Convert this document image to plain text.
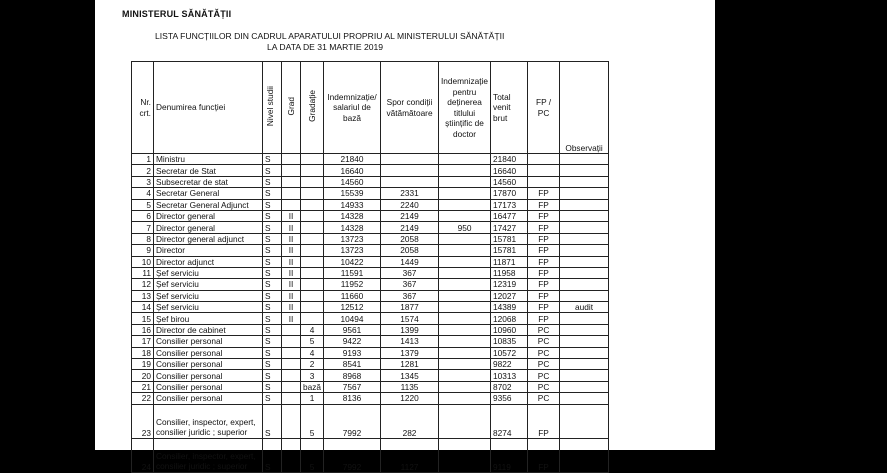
MINISTERUL SĂNĂTĂȚII
LISTA FUNCȚIILOR DIN CADRUL APARATULUI PROPRIU AL MINISTERULUI SĂNĂTĂȚII
LA DATA DE 31 MARTIE 2019
Nr. crt.	Denumirea funcției	Nivel studii	Grad	Gradație	Indemnizație/ salariul de bază	Spor condiții vătămătoare	Indemnizație pentru deținerea titlului științific de doctor	Total venit brut	FP / PC	Observații
1	Ministru	S			21840			21840		
2	Secretar de Stat	S			16640			16640		
3	Subsecretar de stat	S			14560			14560		
4	Secretar General	S			15539	2331		17870	FP	
5	Secretar General Adjunct	S			14933	2240		17173	FP	
6	Director general	S	II		14328	2149		16477	FP	
7	Director general	S	II		14328	2149	950	17427	FP	
8	Director general adjunct	S	II		13723	2058		15781	FP	
9	Director	S	II		13723	2058		15781	FP	
10	Director adjunct	S	II		10422	1449		11871	FP	
11	Șef serviciu	S	II		11591	367		11958	FP	
12	Șef serviciu	S	II		11952	367		12319	FP	
13	Șef serviciu	S	II		11660	367		12027	FP	
14	Șef serviciu	S	II		12512	1877		14389	FP	audit
15	Șef birou	S	II		10494	1574		12068	FP	
16	Director de cabinet	S		4	9561	1399		10960	PC	
17	Consilier personal	S		5	9422	1413		10835	PC	
18	Consilier personal	S		4	9193	1379		10572	PC	
19	Consilier personal	S		2	8541	1281		9822	PC	
20	Consilier personal	S		3	8968	1345		10313	PC	
21	Consilier personal	S		bază	7567	1135		8702	PC	
22	Consilier personal	S		1	8136	1220		9356	PC	
23	Consilier, inspector, expert, consilier juridic ; superior	S		5	7992	282		8274	FP	
24	Consilier, inspector, expert, consilier juridic ; superior	S		5	7992	1127		9119	FP	
